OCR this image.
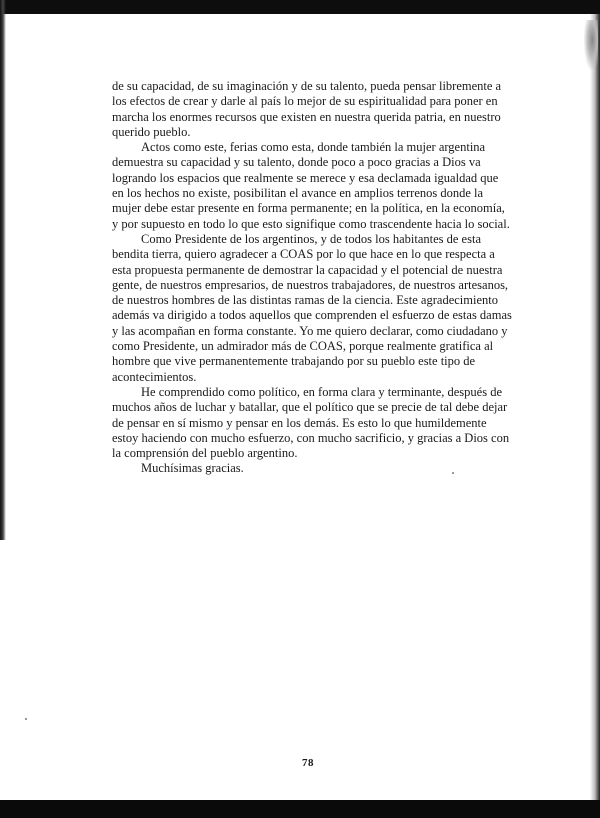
de su capacidad, de su imaginación y de su talento, pueda pensar libremente a los efectos de crear y darle al país lo mejor de su espiritualidad para poner en marcha los enormes recursos que existen en nuestra querida patria, en nuestro querido pueblo.

Actos como este, ferias como esta, donde también la mujer argentina demuestra su capacidad y su talento, donde poco a poco gracias a Dios va logrando los espacios que realmente se merece y esa declamada igualdad que en los hechos no existe, posibilitan el avance en amplios terrenos donde la mujer debe estar presente en forma permanente; en la política, en la economía, y por supuesto en todo lo que esto signifique como trascendente hacia lo social.

Como Presidente de los argentinos, y de todos los habitantes de esta bendita tierra, quiero agradecer a COAS por lo que hace en lo que respecta a esta propuesta permanente de demostrar la capacidad y el potencial de nuestra gente, de nuestros empresarios, de nuestros trabajadores, de nuestros artesanos, de nuestros hombres de las distintas ramas de la ciencia. Este agradecimiento además va dirigido a todos aquellos que comprenden el esfuerzo de estas damas y las acompañan en forma constante. Yo me quiero declarar, como ciudadano y como Presidente, un admirador más de COAS, porque realmente gratifica al hombre que vive permanentemente trabajando por su pueblo este tipo de acontecimientos.

He comprendido como político, en forma clara y terminante, después de muchos años de luchar y batallar, que el político que se precie de tal debe dejar de pensar en sí mismo y pensar en los demás. Es esto lo que humildemente estoy haciendo con mucho esfuerzo, con mucho sacrificio, y gracias a Dios con la comprensión del pueblo argentino.

Muchísimas gracias.

78
